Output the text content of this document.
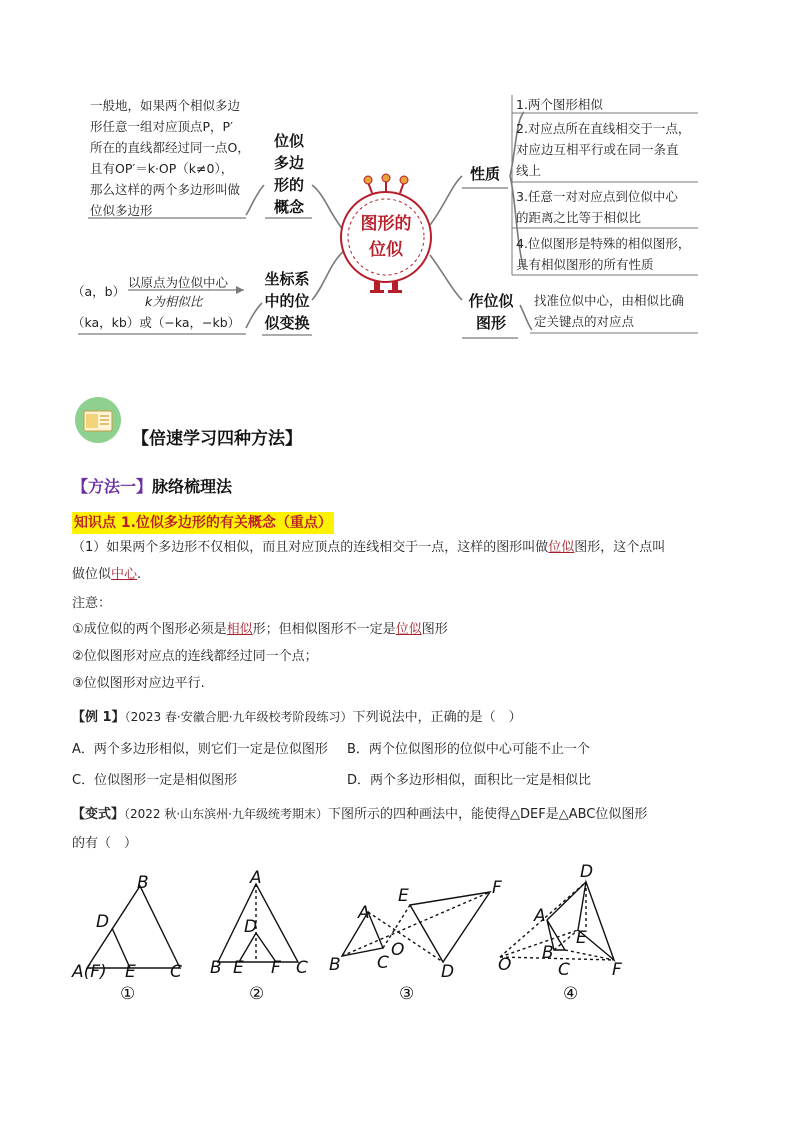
图形的
位似
一般地，如果两个相似多边
形任意一组对应顶点P，P′
所在的直线都经过同一点O，
且有OP′＝k·OP（k≠0），
那么这样的两个多边形叫做
位似多边形
位似
多边
形的
概念
坐标系
中的位
似变换
（a，b）
以原点为位似中心
k为相似比
（ka，kb）或（−ka，−kb）
性质
1.两个图形相似
2.对应点所在直线相交于一点，
对应边互相平行或在同一条直
线上
3.任意一对对应点到位似中心
的距离之比等于相似比
4.位似图形是特殊的相似图形，
具有相似图形的所有性质
作位似
图形
找准位似中心，由相似比确
定关键点的对应点
【倍速学习四种方法】
【方法一】脉络梳理法
知识点 1.位似多边形的有关概念（重点）
（1）如果两个多边形不仅相似，而且对应顶点的连线相交于一点，这样的图形叫做位似图形，这个点叫
做位似中心.
注意：
①成位似的两个图形必须是相似形；但相似图形不一定是位似图形
②位似图形对应点的连线都经过同一个点；
③位似图形对应边平行.
【例 1】（2023 春·安徽合肥·九年级校考阶段练习）下列说法中，正确的是（　）
A．两个多边形相似，则它们一定是位似图形 B．两个位似图形的位似中心可能不止一个
C．位似图形一定是相似图形	D．两个多边形相似，面积比一定是相似比
【变式】（2022 秋·山东滨州·九年级统考期末）下图所示的四种画法中，能使得△DEF是△ABC位似图形
的有（　）
B
D
A(F) E C
①
A
D
B E F C
②
A
B C
O
E	F
D
③
D
A
B
E
O	C F
④
